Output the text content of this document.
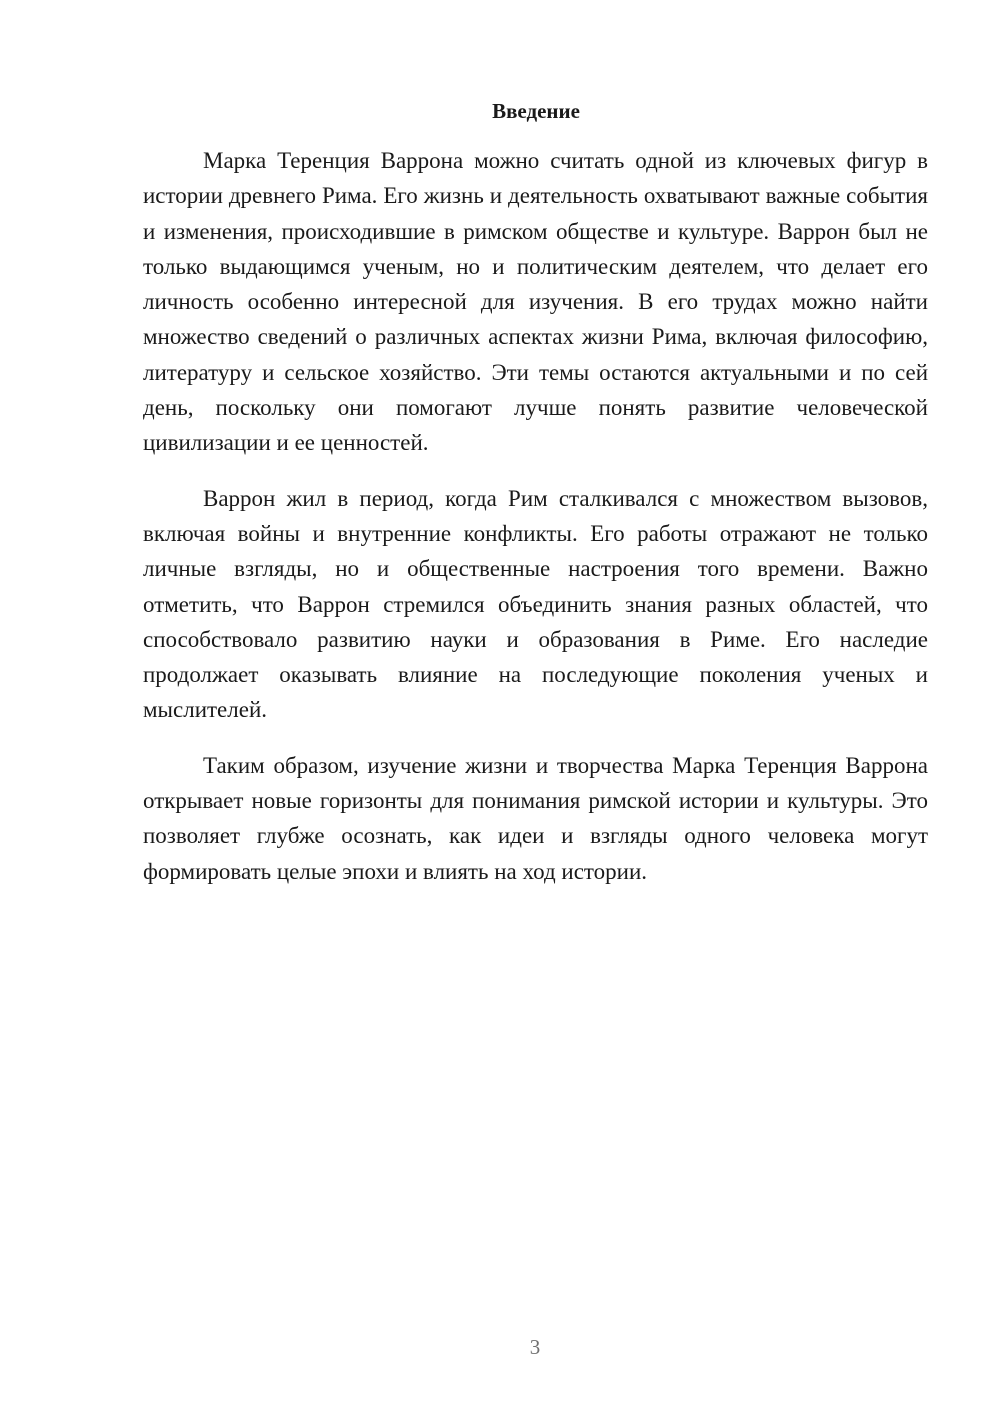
Введение

Марка Теренция Варрона можно считать одной из ключевых фигур в истории древнего Рима. Его жизнь и деятельность охватывают важные события и изменения, происходившие в римском обществе и культуре. Варрон был не только выдающимся ученым, но и политическим деятелем, что делает его личность особенно интересной для изучения. В его трудах можно найти множество сведений о различных аспектах жизни Рима, включая философию, литературу и сельское хозяйство. Эти темы остаются актуальными и по сей день, поскольку они помогают лучше понять развитие человеческой цивилизации и ее ценностей.

Варрон жил в период, когда Рим сталкивался с множеством вызовов, включая войны и внутренние конфликты. Его работы отражают не только личные взгляды, но и общественные настроения того времени. Важно отметить, что Варрон стремился объединить знания разных областей, что способствовало развитию науки и образования в Риме. Его наследие продолжает оказывать влияние на последующие поколения ученых и мыслителей.

Таким образом, изучение жизни и творчества Марка Теренция Варрона открывает новые горизонты для понимания римской истории и культуры. Это позволяет глубже осознать, как идеи и взгляды одного человека могут формировать целые эпохи и влиять на ход истории.

3
